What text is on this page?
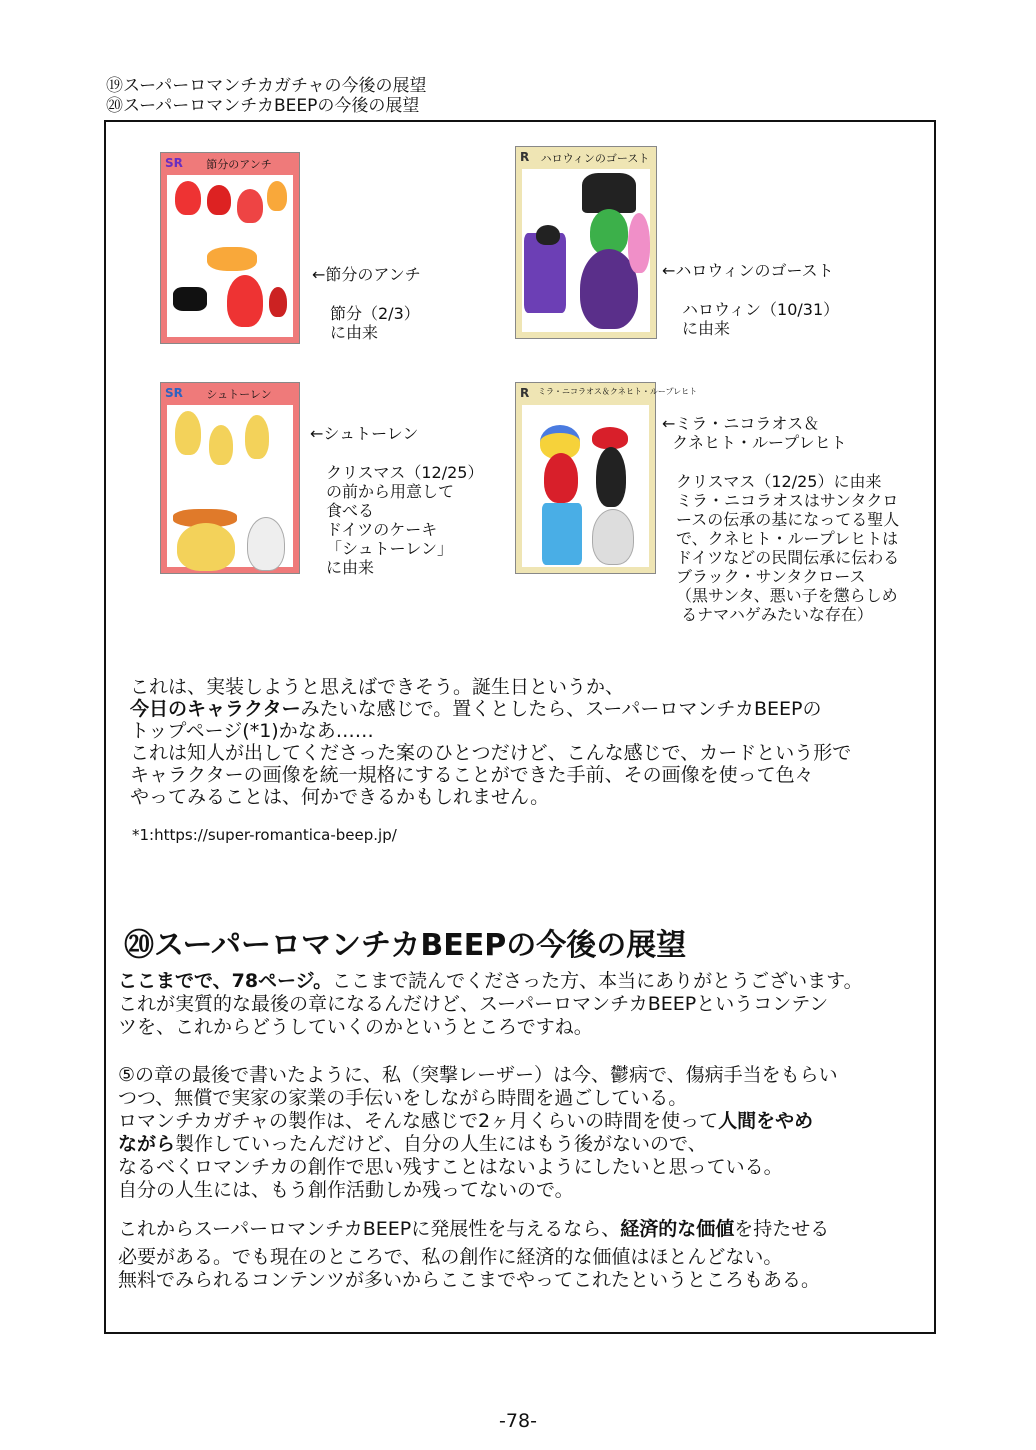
⑲スーパーロマンチカガチャの今後の展望
⑳スーパーロマンチカBEEPの今後の展望
SR	節分のアンチ
←節分のアンチ
節分（2/3）
に由来
R ハロウィンのゴースト
←ハロウィンのゴースト
ハロウィン（10/31）
に由来
SR	シュトーレン
←シュトーレン
クリスマス（12/25）
の前から用意して
食べる
ドイツのケーキ
「シュトーレン」
に由来
R ミラ・ニコラオス＆クネヒト・ループレヒト
←ミラ・ニコラオス＆
クネヒト・ループレヒト
クリスマス（12/25）に由来
ミラ・ニコラオスはサンタクロ
ースの伝承の基になってる聖人
で、クネヒト・ループレヒトは
ドイツなどの民間伝承に伝わる
ブラック・サンタクロース
（黒サンタ、悪い子を懲らしめ
るナマハゲみたいな存在）
これは、実装しようと思えばできそう。誕生日というか、
今日のキャラクターみたいな感じで。置くとしたら、スーパーロマンチカBEEPの
トップページ(*1)かなあ……
これは知人が出してくださった案のひとつだけど、こんな感じで、カードという形で
キャラクターの画像を統一規格にすることができた手前、その画像を使って色々
やってみることは、何かできるかもしれません。
*1:https://super-romantica-beep.jp/
⑳スーパーロマンチカBEEPの今後の展望
ここまでで、78ページ。ここまで読んでくださった方、本当にありがとうございます。
これが実質的な最後の章になるんだけど、スーパーロマンチカBEEPというコンテン
ツを、これからどうしていくのかというところですね。
⑤の章の最後で書いたように、私（突撃レーザー）は今、鬱病で、傷病手当をもらい
つつ、無償で実家の家業の手伝いをしながら時間を過ごしている。
ロマンチカガチャの製作は、そんな感じで2ヶ月くらいの時間を使って人間をやめ
ながら製作していったんだけど、自分の人生にはもう後がないので、
なるべくロマンチカの創作で思い残すことはないようにしたいと思っている。
自分の人生には、もう創作活動しか残ってないので。
これからスーパーロマンチカBEEPに発展性を与えるなら、経済的な価値を持たせる
必要がある。でも現在のところで、私の創作に経済的な価値はほとんどない。
無料でみられるコンテンツが多いからここまでやってこれたというところもある。
-78-
